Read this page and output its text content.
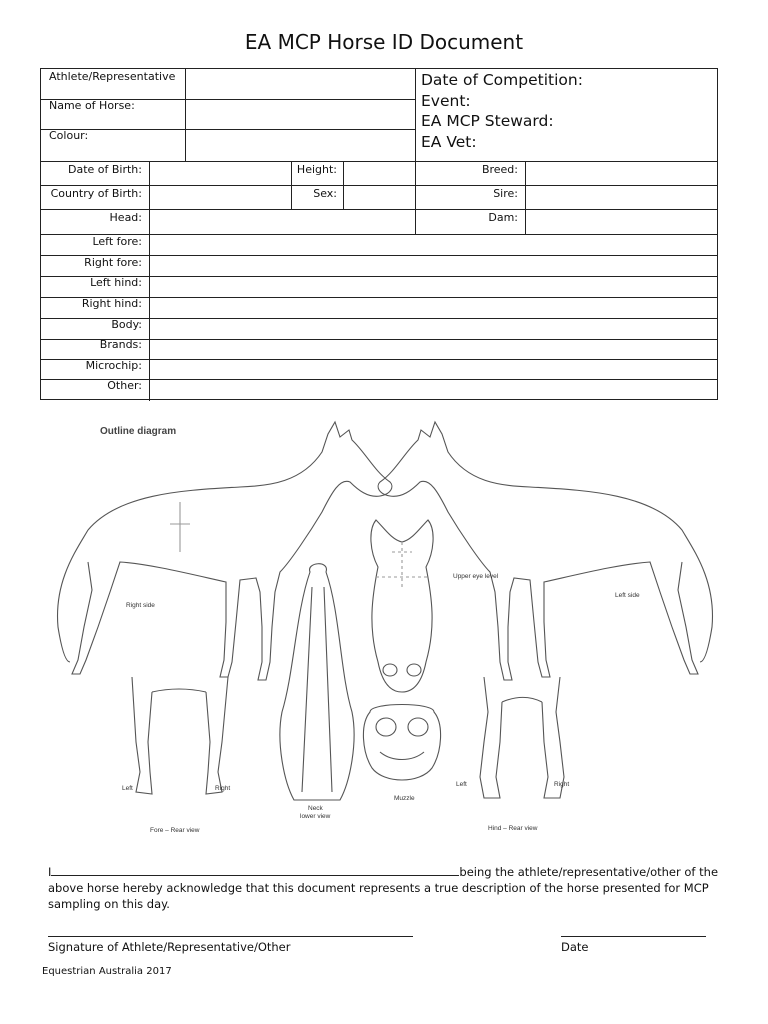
EA MCP Horse ID Document
Athlete/Representative
Name of Horse:
Colour:
Date of Birth:	Height:	Breed:
Country of Birth:	Sex:	Sire:
Head:	Dam:
Left fore:
Right fore:
Left hind:
Right hind:
Body:
Brands:
Microchip:
Other:
Date of Competition:
Event:
EA MCP Steward:
EA Vet:
Outline diagram
Right side
Left side
Upper eye level
Left	Right
Fore – Rear view
Neck
lower view
Muzzle
Left	Right
Hind – Rear view
I	being the athlete/representative/other of the above horse hereby acknowledge that this document represents a true description of the horse presented for MCP sampling on this day.
Signature of Athlete/Representative/Other	Date
Equestrian Australia 2017
